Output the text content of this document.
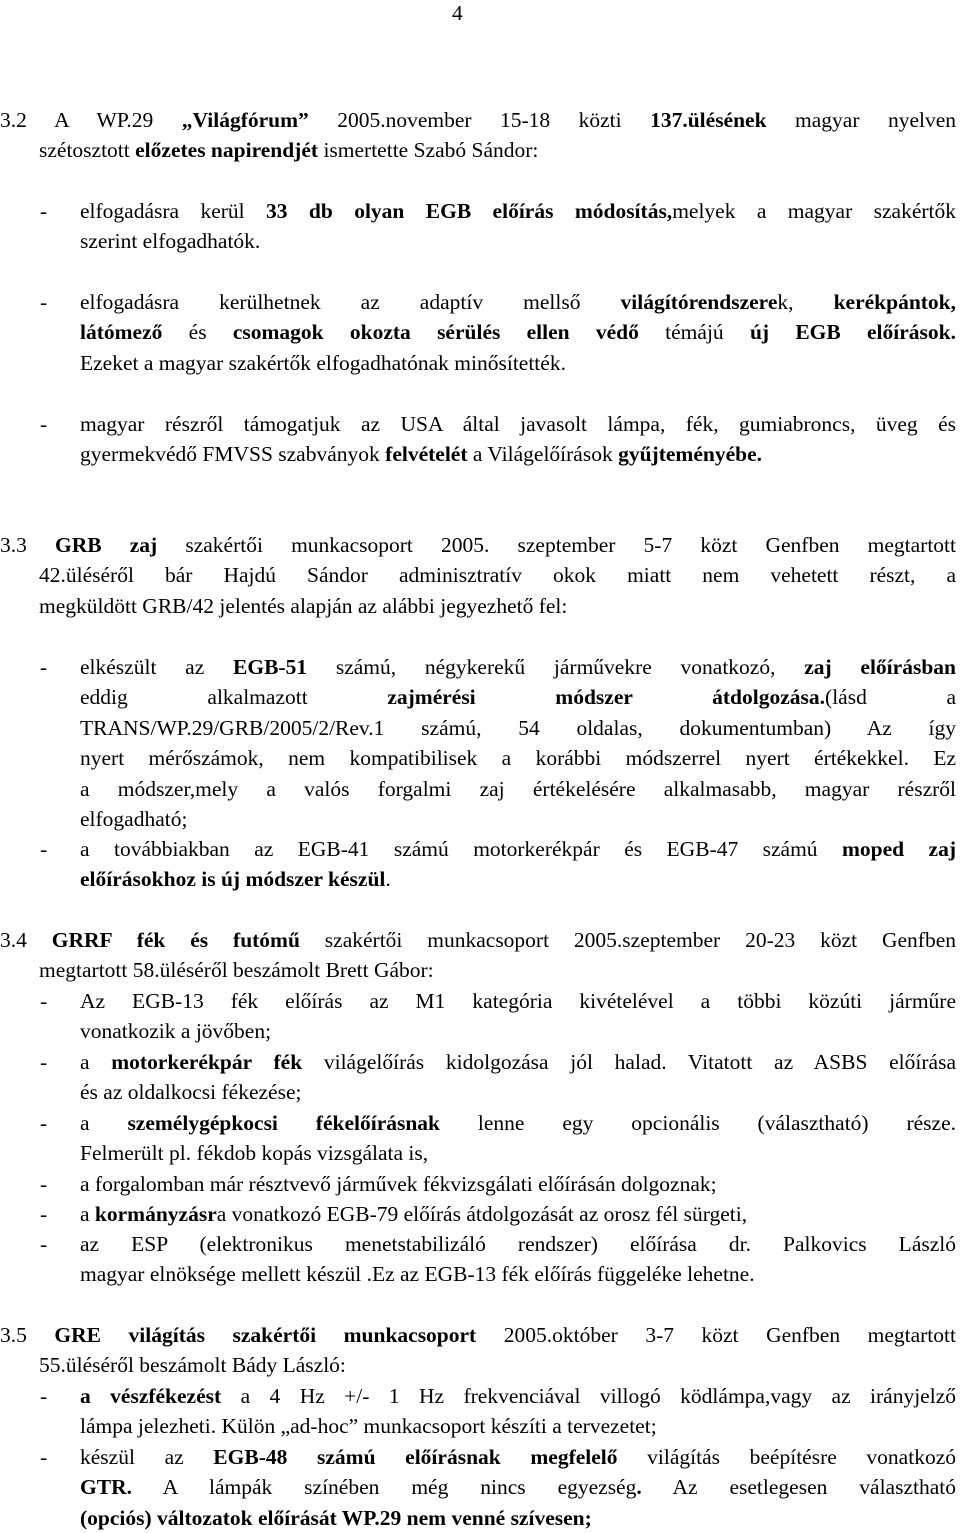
4
3.2 A WP.29 „Világfórum” 2005.november 15-18 közti 137.ülésének magyar nyelven
szétosztott előzetes napirendjét ismertette Szabó Sándor:
- elfogadásra kerül 33 db olyan EGB előírás módosítás,melyek a magyar szakértők
szerint elfogadhatók.
- elfogadásra kerülhetnek az adaptív mellső világítórendszerek, kerékpántok,
látómező és csomagok okozta sérülés ellen védő témájú új EGB előírások.
Ezeket a magyar szakértők elfogadhatónak minősítették.
- magyar részről támogatjuk az USA által javasolt lámpa, fék, gumiabroncs, üveg és
gyermekvédő FMVSS szabványok felvételét a Világelőírások gyűjteményébe.
3.3 GRB zaj szakértői munkacsoport 2005. szeptember 5-7 közt Genfben megtartott
42.üléséről bár Hajdú Sándor adminisztratív okok miatt nem vehetett részt, a
megküldött GRB/42 jelentés alapján az alábbi jegyezhető fel:
- elkészült az EGB-51 számú, négykerekű járművekre vonatkozó, zaj előírásban
eddig alkalmazott zajmérési módszer átdolgozása.(lásd a
TRANS/WP.29/GRB/2005/2/Rev.1 számú, 54 oldalas, dokumentumban) Az így
nyert mérőszámok, nem kompatibilisek a korábbi módszerrel nyert értékekkel. Ez
a módszer,mely a valós forgalmi zaj értékelésére alkalmasabb, magyar részről
elfogadható;
- a továbbiakban az EGB-41 számú motorkerékpár és EGB-47 számú moped zaj
előírásokhoz is új módszer készül.
3.4 GRRF fék és futómű szakértői munkacsoport 2005.szeptember 20-23 közt Genfben
megtartott 58.üléséről beszámolt Brett Gábor:
- Az EGB-13 fék előírás az M1 kategória kivételével a többi közúti járműre
vonatkozik a jövőben;
- a motorkerékpár fék világelőírás kidolgozása jól halad. Vitatott az ASBS előírása
és az oldalkocsi fékezése;
- a személygépkocsi fékelőírásnak lenne egy opcionális (választható) része.
Felmerült pl. fékdob kopás vizsgálata is,
- a forgalomban már résztvevő járművek fékvizsgálati előírásán dolgoznak;
- a kormányzásra vonatkozó EGB-79 előírás átdolgozását az orosz fél sürgeti,
- az ESP (elektronikus menetstabilizáló rendszer) előírása dr. Palkovics László
magyar elnöksége mellett készül .Ez az EGB-13 fék előírás függeléke lehetne.
3.5 GRE világítás szakértői munkacsoport 2005.október 3-7 közt Genfben megtartott
55.üléséről beszámolt Bády László:
- a vészfékezést a 4 Hz +/- 1 Hz frekvenciával villogó ködlámpa,vagy az irányjelző
lámpa jelezheti. Külön „ad-hoc” munkacsoport készíti a tervezetet;
- készül az EGB-48 számú előírásnak megfelelő világítás beépítésre vonatkozó
GTR. A lámpák színében még nincs egyezség. Az esetlegesen választható
(opciós) változatok előírását WP.29 nem venné szívesen;
